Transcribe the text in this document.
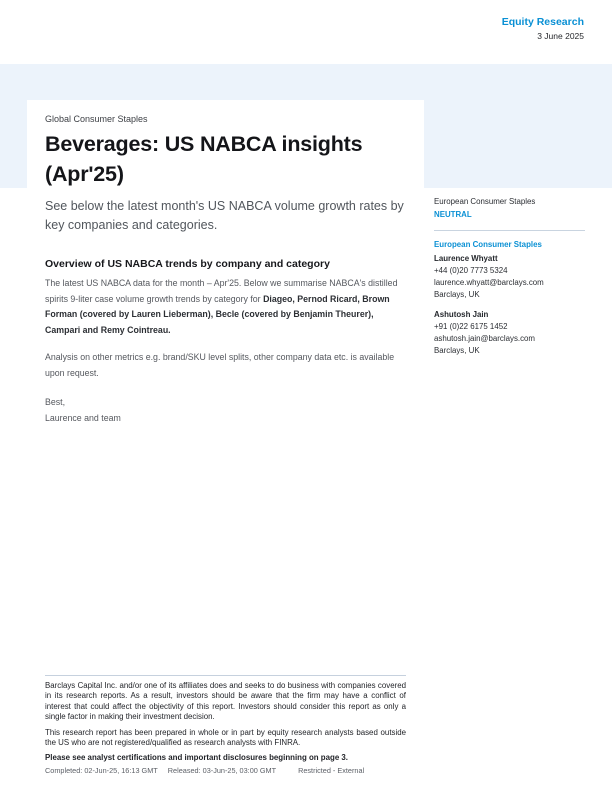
Equity Research
3 June 2025
Global Consumer Staples
Beverages: US NABCA insights (Apr'25)
See below the latest month's US NABCA volume growth rates by key companies and categories.
Overview of US NABCA trends by company and category
The latest US NABCA data for the month – Apr'25. Below we summarise NABCA's distilled spirits 9-liter case volume growth trends by category for Diageo, Pernod Ricard, Brown Forman (covered by Lauren Lieberman), Becle (covered by Benjamin Theurer), Campari and Remy Cointreau.
Analysis on other metrics e.g. brand/SKU level splits, other company data etc. is available upon request.
Best,
Laurence and team
European Consumer Staples
NEUTRAL
European Consumer Staples
Laurence Whyatt
+44 (0)20 7773 5324
laurence.whyatt@barclays.com
Barclays, UK
Ashutosh Jain
+91 (0)22 6175 1452
ashutosh.jain@barclays.com
Barclays, UK

Barclays Capital Inc. and/or one of its affiliates does and seeks to do business with companies covered in its research reports. As a result, investors should be aware that the firm may have a conflict of interest that could affect the objectivity of this report. Investors should consider this report as only a single factor in making their investment decision.

This research report has been prepared in whole or in part by equity research analysts based outside the US who are not registered/qualified as research analysts with FINRA.

Please see analyst certifications and important disclosures beginning on page 3.

Completed: 02-Jun-25, 16:13 GMT Released: 03-Jun-25, 03:00 GMT	Restricted - External
